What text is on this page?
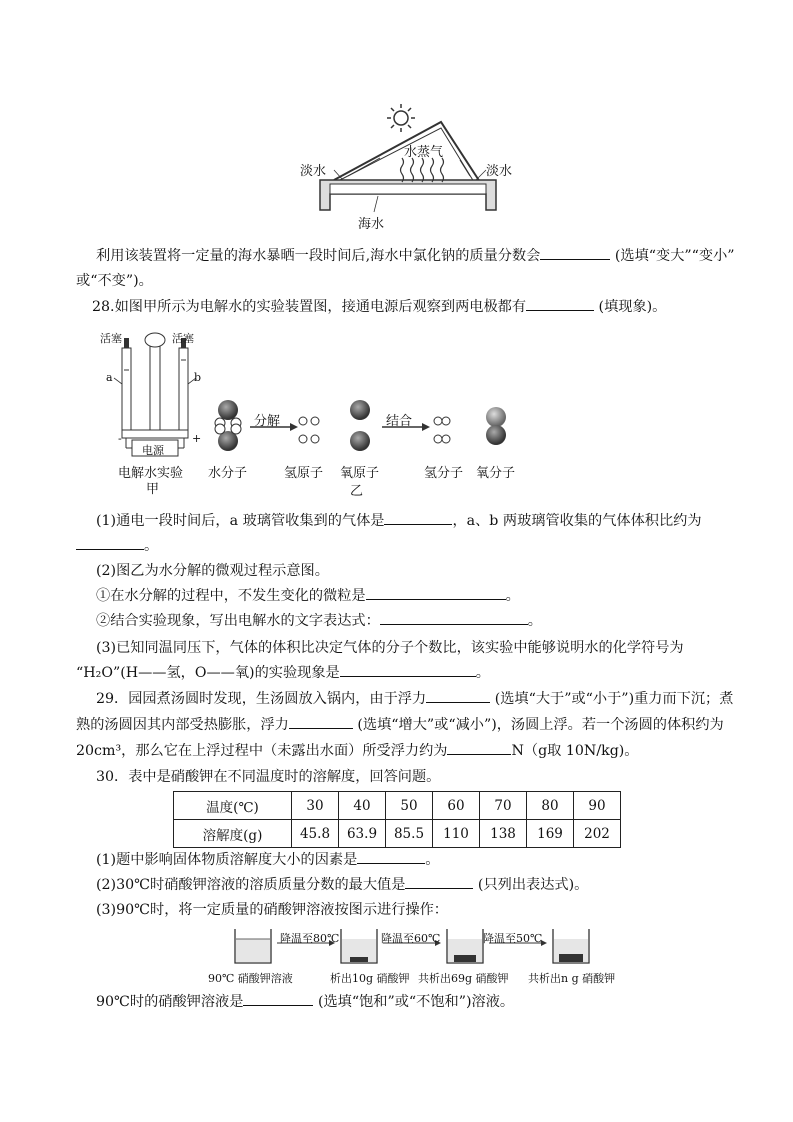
淡水	淡水
水蒸气
海水
利用该装置将一定量的海水暴晒一段时间后,海水中氯化钠的质量分数会	(选填“变大”“变小”
或“不变”)。
28.如图甲所示为电解水的实验装置图，接通电源后观察到两电极都有	(填现象)。
活塞	活塞
a	b
-	+
电源
电解水实验
甲
分解	结合
水分子	氢原子 氧原子
乙
氢分子 氧分子
(1)通电一段时间后，a 玻璃管收集到的气体是	，a、b 两玻璃管收集的气体体积比约为
。
(2)图乙为水分解的微观过程示意图。
①在水分解的过程中，不发生变化的微粒是	。
②结合实验现象，写出电解水的文字表达式：	。
(3)已知同温同压下，气体的体积比决定气体的分子个数比，该实验中能够说明水的化学符号为
“H₂O”(H——氢，O——氧)的实验现象是	。
29．园园煮汤圆时发现，生汤圆放入锅内，由于浮力	(选填“大于”或“小于”)重力而下沉；煮
熟的汤圆因其内部受热膨胀，浮力	(选填“增大”或“减小”)，汤圆上浮。若一个汤圆的体积约为
20cm³，那么它在上浮过程中（未露出水面）所受浮力约为	N（g取 10N/kg)。
30．表中是硝酸钾在不同温度时的溶解度，回答问题。
温度(℃)	30	40	50	60	70	80	90
溶解度(g)	45.8	63.9	85.5	110	138	169	202
(1)题中影响固体物质溶解度大小的因素是	。
(2)30℃时硝酸钾溶液的溶质质量分数的最大值是	(只列出表达式)。
(3)90℃时，将一定质量的硝酸钾溶液按图示进行操作：
降温至80℃	降温至60℃	降温至50℃
90℃ 硝酸钾溶液	析出10g 硝酸钾 共析出69g 硝酸钾 共析出n g 硝酸钾
90℃时的硝酸钾溶液是	(选填“饱和”或“不饱和”)溶液。
